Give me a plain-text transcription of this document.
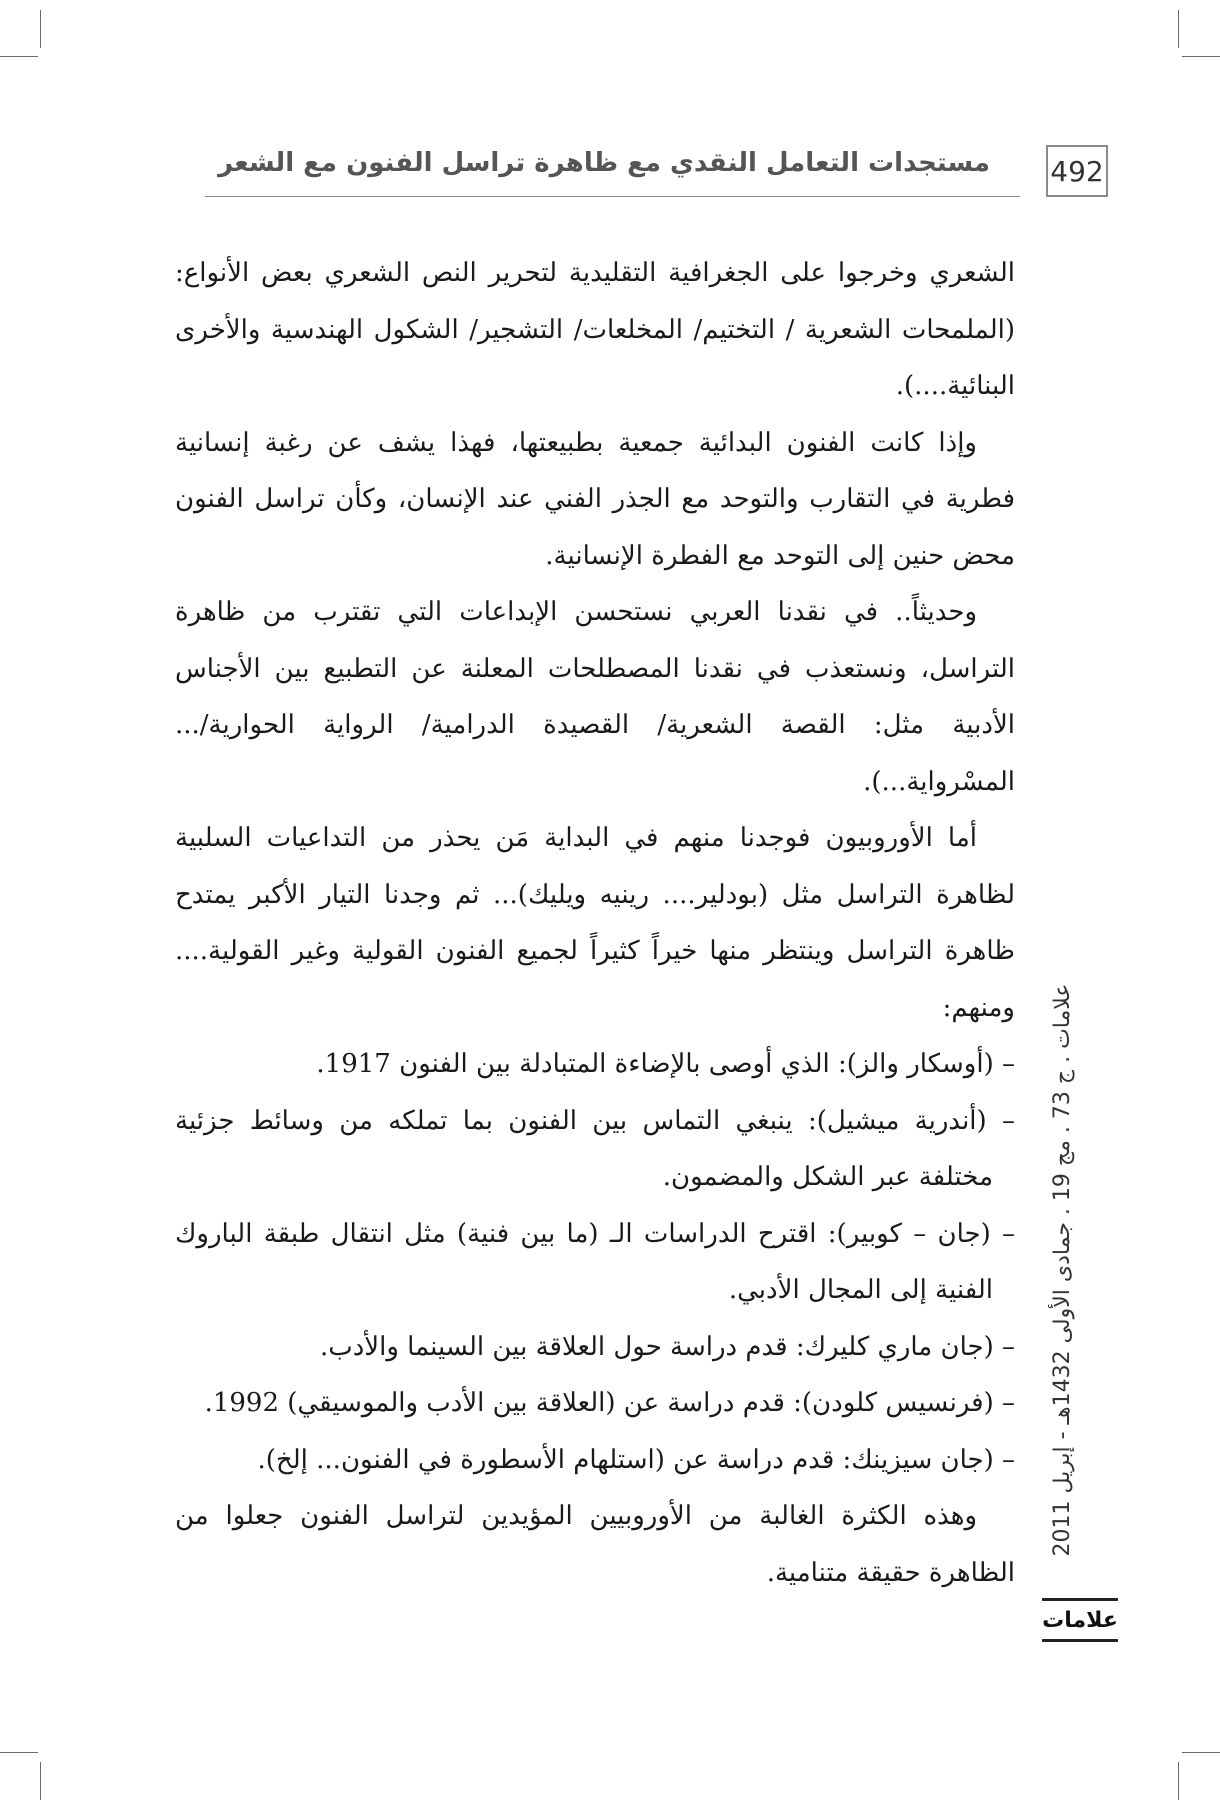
492
مستجدات التعامل النقدي مع ظاهرة تراسل الفنون مع الشعر

الشعري وخرجوا على الجغرافية التقليدية لتحرير النص الشعري بعض الأنواع: (الملمحات الشعرية / التختيم/ المخلعات/ التشجير/ الشكول الهندسية والأخرى البنائية....).

وإذا كانت الفنون البدائية جمعية بطبيعتها، فهذا يشف عن رغبة إنسانية فطرية في التقارب والتوحد مع الجذر الفني عند الإنسان، وكأن تراسل الفنون محض حنين إلى التوحد مع الفطرة الإنسانية.

وحديثاً.. في نقدنا العربي نستحسن الإبداعات التي تقترب من ظاهرة التراسل، ونستعذب في نقدنا المصطلحات المعلنة عن التطبيع بين الأجناس الأدبية مثل: القصة الشعرية/ القصيدة الدرامية/ الرواية الحوارية/... المسْرواية...).

أما الأوروبيون فوجدنا منهم في البداية مَن يحذر من التداعيات السلبية لظاهرة التراسل مثل (بودلير.... رينيه ويليك)... ثم وجدنا التيار الأكبر يمتدح ظاهرة التراسل وينتظر منها خيراً كثيراً لجميع الفنون القولية وغير القولية.... ومنهم:

– (أوسكار والز): الذي أوصى بالإضاءة المتبادلة بين الفنون 1917.

– (أندرية ميشيل): ينبغي التماس بين الفنون بما تملكه من وسائط جزئية مختلفة عبر الشكل والمضمون.

– (جان – كوبير): اقترح الدراسات الـ (ما بين فنية) مثل انتقال طبقة الباروك الفنية إلى المجال الأدبي.

– (جان ماري كليرك: قدم دراسة حول العلاقة بين السينما والأدب.

– (فرنسيس كلودن): قدم دراسة عن (العلاقة بين الأدب والموسيقي) 1992.

– (جان سيزينك: قدم دراسة عن (استلهام الأسطورة في الفنون... إلخ).

وهذه الكثرة الغالبة من الأوروبيين المؤيدين لتراسل الفنون جعلوا من الظاهرة حقيقة متنامية.

علامات . ج 73 . مج 19 . جمادى الأولى 1432هـ - إبريل 2011
علامات
